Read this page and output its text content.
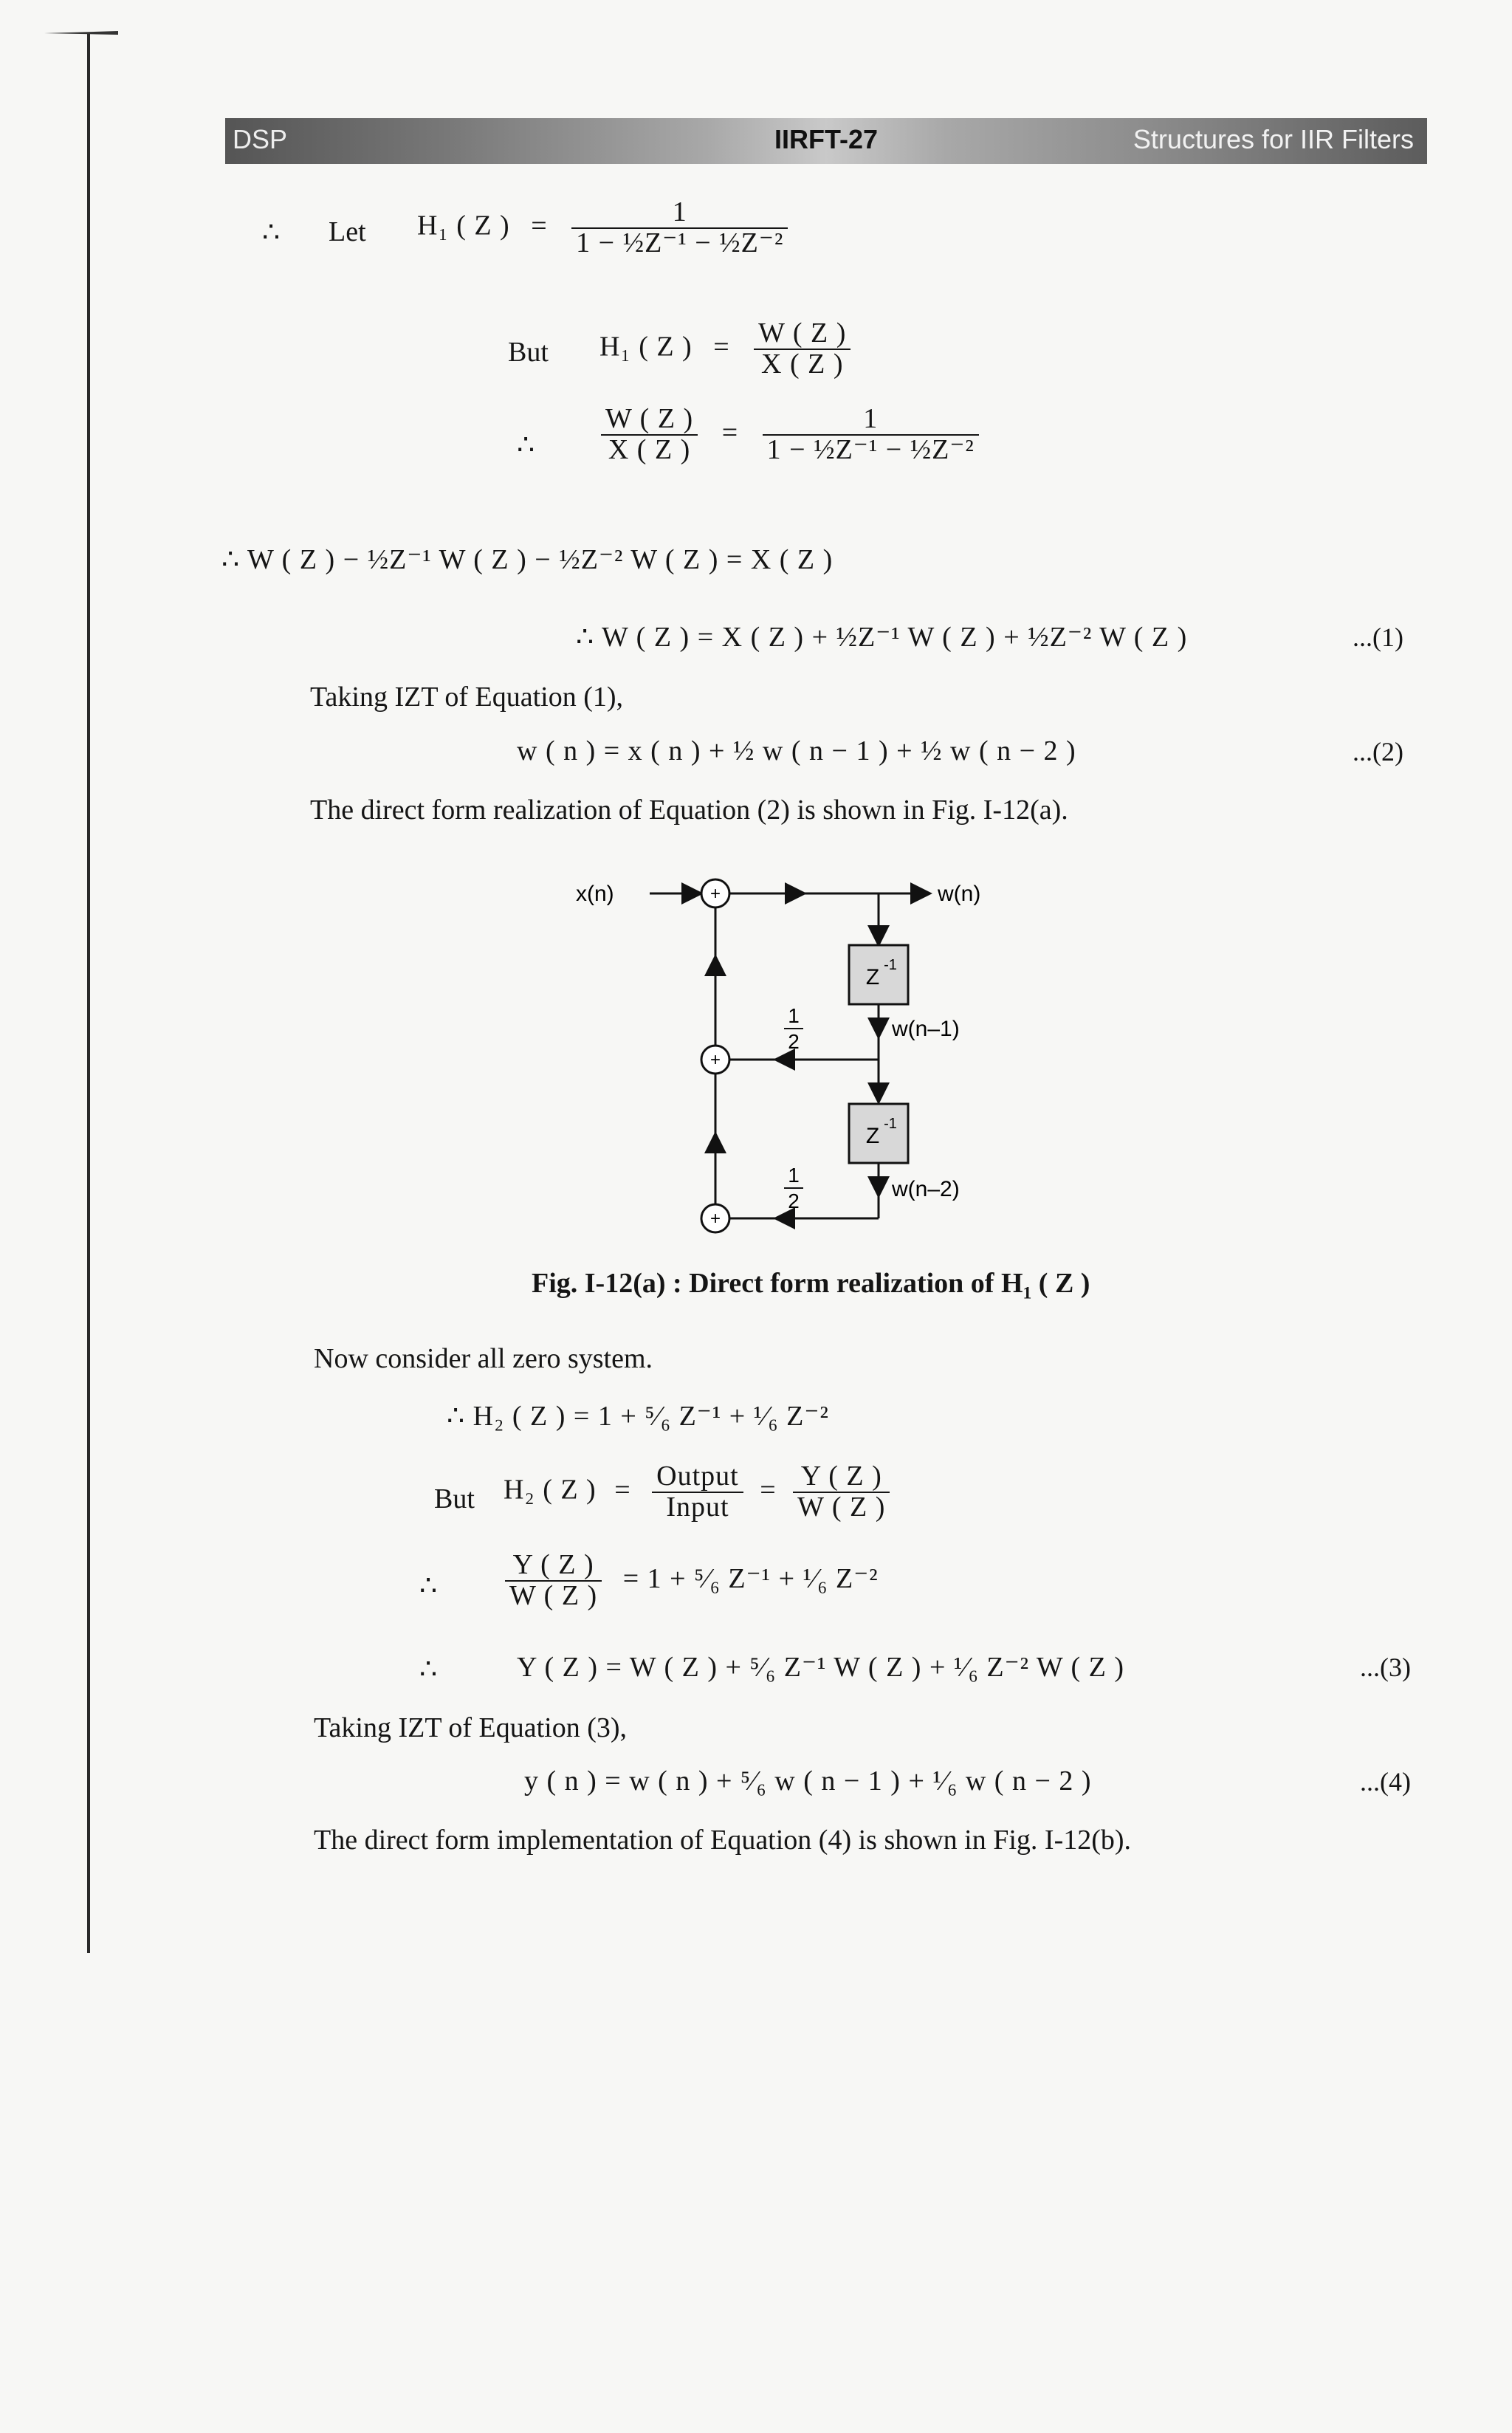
DSP	IIRFT-27	Structures for IIR Filters
∴ Let H₁ ( Z ) = $\frac{1}{\text{1 − ½Z⁻¹ − ½Z⁻²}}$
But H₁ ( Z ) = $\frac{W ( Z )}{X ( Z )}$
∴ $\frac{W ( Z )}{X ( Z )} = \frac{1}{\text{1 − ½Z⁻¹ − ½Z⁻²}}$
∴ W ( Z ) − ½Z⁻¹ W ( Z ) − ½Z⁻² W ( Z ) = X ( Z )
∴ W ( Z ) = X ( Z ) + ½Z⁻¹ W ( Z ) + ½Z⁻² W ( Z )	...(1)
Taking IZT of Equation (1),
w ( n ) = x ( n ) + ½ w ( n − 1 ) + ½ w ( n − 2 )	...(2)
The direct form realization of Equation (2) is shown in Fig. I-12(a).
+
+
+
Z -1
Z -1
x(n)	w(n)
w(n–1)
w(n–2)
1
2
1
2
Fig. I-12(a) : Direct form realization of $H_1$ ( Z )
Now consider all zero system.
∴ H₂ ( Z ) = 1 + ⁵⁄₆ Z⁻¹ + ¹⁄₆ Z⁻²
But H₂ ( Z ) = $\frac{\text{Output}}{\text{Input}} = \frac{Y ( Z )}{W ( Z )}$
∴ $\frac{Y ( Z )}{W ( Z )} = 1$ + ⁵⁄₆ Z⁻¹ + ¹⁄₆ Z⁻²
∴	Y ( Z ) = W ( Z ) + ⁵⁄₆ Z⁻¹ W ( Z ) + ¹⁄₆ Z⁻² W ( Z )	...(3)
Taking IZT of Equation (3),
y ( n ) = w ( n ) + ⁵⁄₆ w ( n − 1 ) + ¹⁄₆ w ( n − 2 )	...(4)
The direct form implementation of Equation (4) is shown in Fig. I-12(b).
